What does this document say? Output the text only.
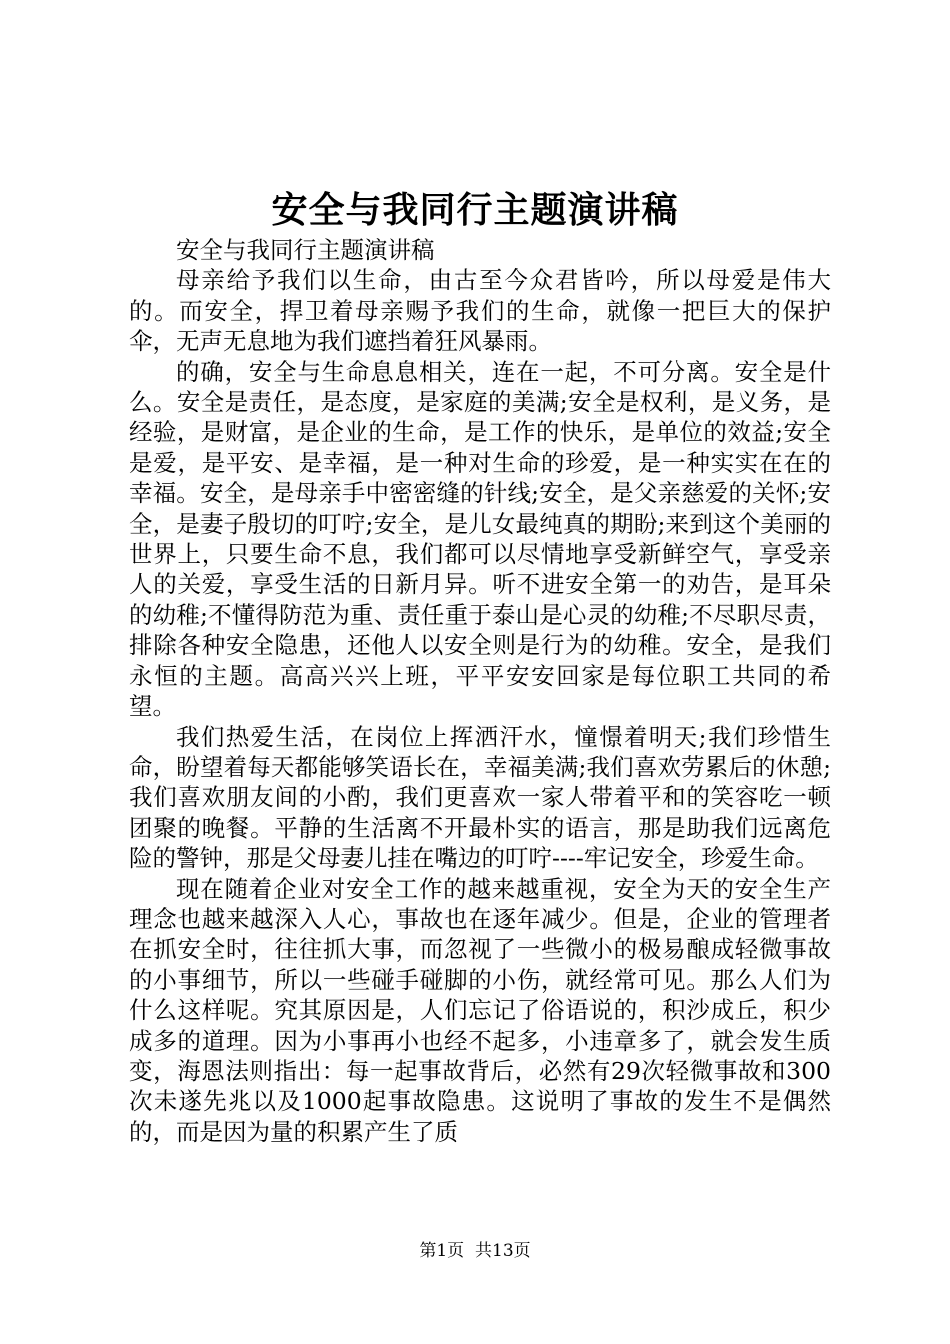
安全与我同行主题演讲稿

安全与我同行主题演讲稿

母亲给予我们以生命，由古至今众君皆吟，所以母爱是伟大的。而安全，捍卫着母亲赐予我们的生命，就像一把巨大的保护伞，无声无息地为我们遮挡着狂风暴雨。

的确，安全与生命息息相关，连在一起，不可分离。安全是什么。安全是责任，是态度，是家庭的美满;安全是权利，是义务，是经验，是财富，是企业的生命，是工作的快乐，是单位的效益;安全是爱，是平安、是幸福，是一种对生命的珍爱，是一种实实在在的幸福。安全，是母亲手中密密缝的针线;安全，是父亲慈爱的关怀;安全，是妻子殷切的叮咛;安全，是儿女最纯真的期盼;来到这个美丽的世界上，只要生命不息，我们都可以尽情地享受新鲜空气，享受亲人的关爱，享受生活的日新月异。听不进安全第一的劝告，是耳朵的幼稚;不懂得防范为重、责任重于泰山是心灵的幼稚;不尽职尽责，排除各种安全隐患，还他人以安全则是行为的幼稚。安全，是我们永恒的主题。高高兴兴上班，平平安安回家是每位职工共同的希望。

我们热爱生活，在岗位上挥洒汗水，憧憬着明天;我们珍惜生命，盼望着每天都能够笑语长在，幸福美满;我们喜欢劳累后的休憩;我们喜欢朋友间的小酌，我们更喜欢一家人带着平和的笑容吃一顿团聚的晚餐。平静的生活离不开最朴实的语言，那是助我们远离危险的警钟，那是父母妻儿挂在嘴边的叮咛----牢记安全，珍爱生命。

现在随着企业对安全工作的越来越重视，安全为天的安全生产理念也越来越深入人心，事故也在逐年减少。但是，企业的管理者在抓安全时，往往抓大事，而忽视了一些微小的极易酿成轻微事故的小事细节，所以一些碰手碰脚的小伤，就经常可见。那么人们为什么这样呢。究其原因是，人们忘记了俗语说的，积沙成丘，积少成多的道理。因为小事再小也经不起多，小违章多了，就会发生质变，海恩法则指出：每一起事故背后，必然有29次轻微事故和300次未遂先兆以及1000起事故隐患。这说明了事故的发生不是偶然的，而是因为量的积累产生了质

第1页 共13页
